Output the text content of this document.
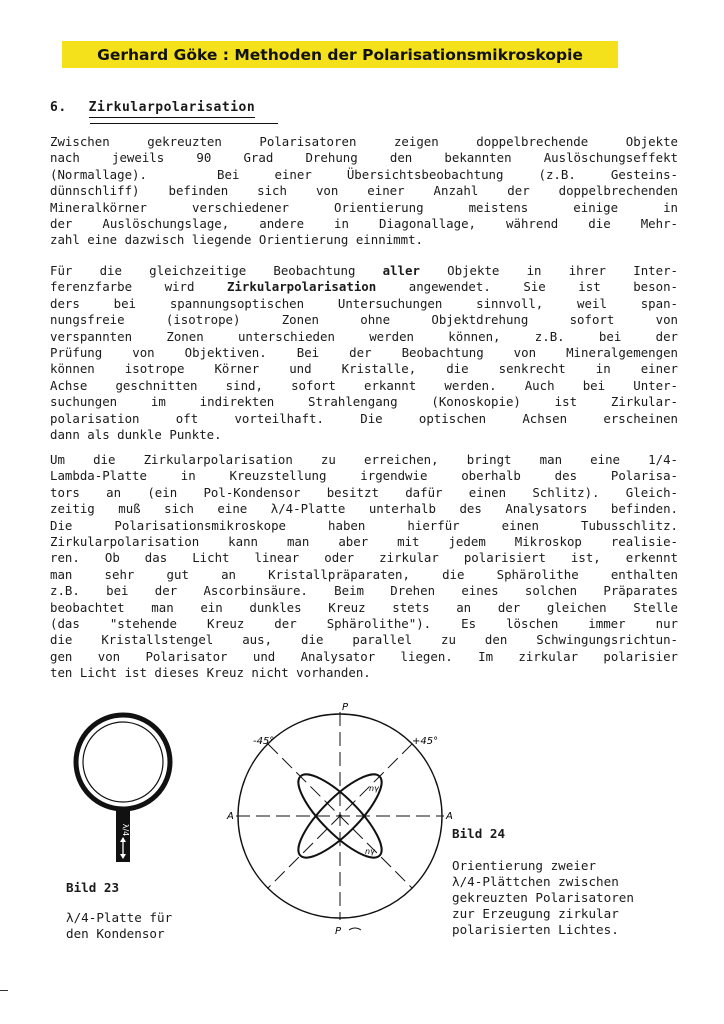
Gerhard Göke : Methoden der Polarisationsmikroskopie
6. Zirkularpolarisation
Zwischen gekreuzten Polarisatoren zeigen doppelbrechende Objekte
nach jeweils 90 Grad Drehung den bekannten Auslöschungseffekt
(Normallage).  Bei einer Übersichtsbeobachtung (z.B. Gesteins-
dünnschliff) befinden sich von einer Anzahl der doppelbrechenden
Mineralkörner verschiedener Orientierung meistens einige in
der Auslöschungslage, andere in Diagonallage, während die Mehr-
zahl eine dazwisch liegende Orientierung einnimmt.
Für die gleichzeitige Beobachtung aller Objekte in ihrer Inter-
ferenzfarbe wird Zirkularpolarisation angewendet. Sie ist beson-
ders bei spannungsoptischen Untersuchungen sinnvoll, weil span-
nungsfreie (isotrope) Zonen ohne Objektdrehung sofort von
verspannten Zonen unterschieden werden können, z.B. bei der
Prüfung von Objektiven. Bei der Beobachtung von Mineralgemengen
können isotrope Körner und Kristalle, die senkrecht in einer
Achse geschnitten sind, sofort erkannt werden. Auch bei Unter-
suchungen im indirekten Strahlengang (Konoskopie) ist Zirkular-
polarisation oft vorteilhaft. Die optischen Achsen erscheinen
dann als dunkle Punkte.
Um die Zirkularpolarisation zu erreichen, bringt man eine 1/4-
Lambda-Platte in Kreuzstellung irgendwie oberhalb des Polarisa-
tors an (ein Pol-Kondensor besitzt dafür einen Schlitz). Gleich-
zeitig muß sich eine λ/4-Platte unterhalb des Analysators befinden.
Die Polarisationsmikroskope haben hierfür einen Tubusschlitz.
Zirkularpolarisation kann man aber mit jedem Mikroskop realisie-
ren. Ob das Licht linear oder zirkular polarisiert ist, erkennt
man sehr gut an Kristallpräparaten, die Sphärolithe enthalten
z.B. bei der Ascorbinsäure. Beim Drehen eines solchen Präparates
beobachtet man ein dunkles Kreuz stets an der gleichen Stelle
(das "stehende Kreuz der Sphärolithe"). Es löschen immer nur
die Kristallstengel aus, die parallel zu den Schwingungsrichtun-
gen von Polarisator und Analysator liegen. Im zirkular polarisier
ten Licht ist dieses Kreuz nicht vorhanden.
λ/4
Bild 23
λ/4-Platte für
den Kondensor
P
P
A	A
-45°	+45°
nγ
nγ
Bild 24
Orientierung zweier
λ/4-Plättchen zwischen
gekreuzten Polarisatoren
zur Erzeugung zirkular
polarisierten Lichtes.
